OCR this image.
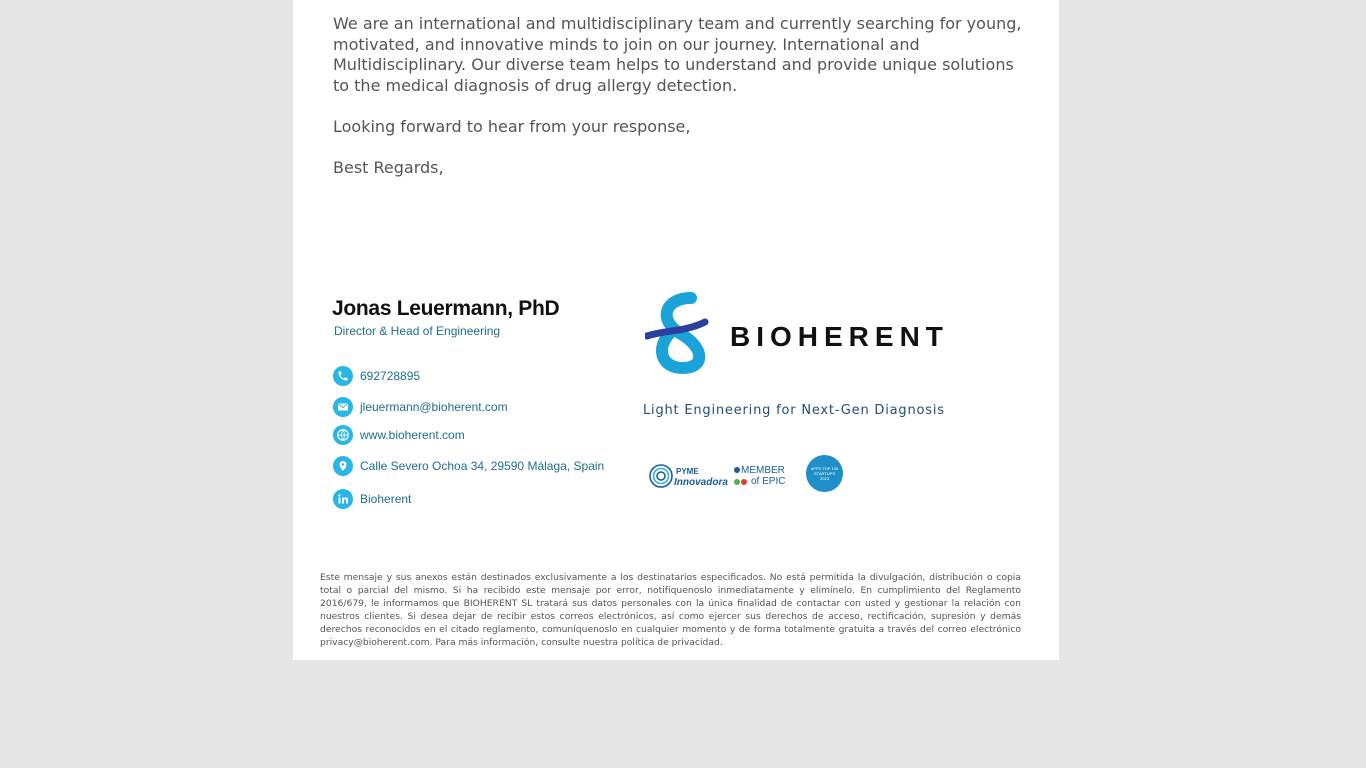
We are an international and multidisciplinary team and currently searching for young, motivated, and innovative minds to join on our journey. International and Multidisciplinary. Our diverse team helps to understand and provide unique solutions to the medical diagnosis of drug allergy detection.

Looking forward to hear from your response,

Best Regards,

Jonas Leuermann, PhD
Director & Head of Engineering
692728895
jleuermann@bioherent.com
www.bioherent.com
Calle Severo Ochoa 34, 29590 Málaga, Spain
Bioherent
BIOHERENT
Light Engineering for Next-Gen Diagnosis
PYME
Innovadora
MEMBER
of EPIC
APPS TOP 100
STARTUPS
2023

Este mensaje y sus anexos están destinados exclusivamente a los destinatarios especificados. No está permitida la divulgación, distribución o copia total o parcial del mismo. Si ha recibido este mensaje por error, notifíquenoslo inmediatamente y elimínelo. En cumplimiento del Reglamento 2016/679, le informamos que BIOHERENT SL tratará sus datos personales con la única finalidad de contactar con usted y gestionar la relación con nuestros clientes. Si desea dejar de recibir estos correos electrónicos, así como ejercer sus derechos de acceso, rectificación, supresión y demás derechos reconocidos en el citado reglamento, comuníquenoslo en cualquier momento y de forma totalmente gratuita a través del correo electrónico privacy@bioherent.com. Para más información, consulte nuestra política de privacidad.
